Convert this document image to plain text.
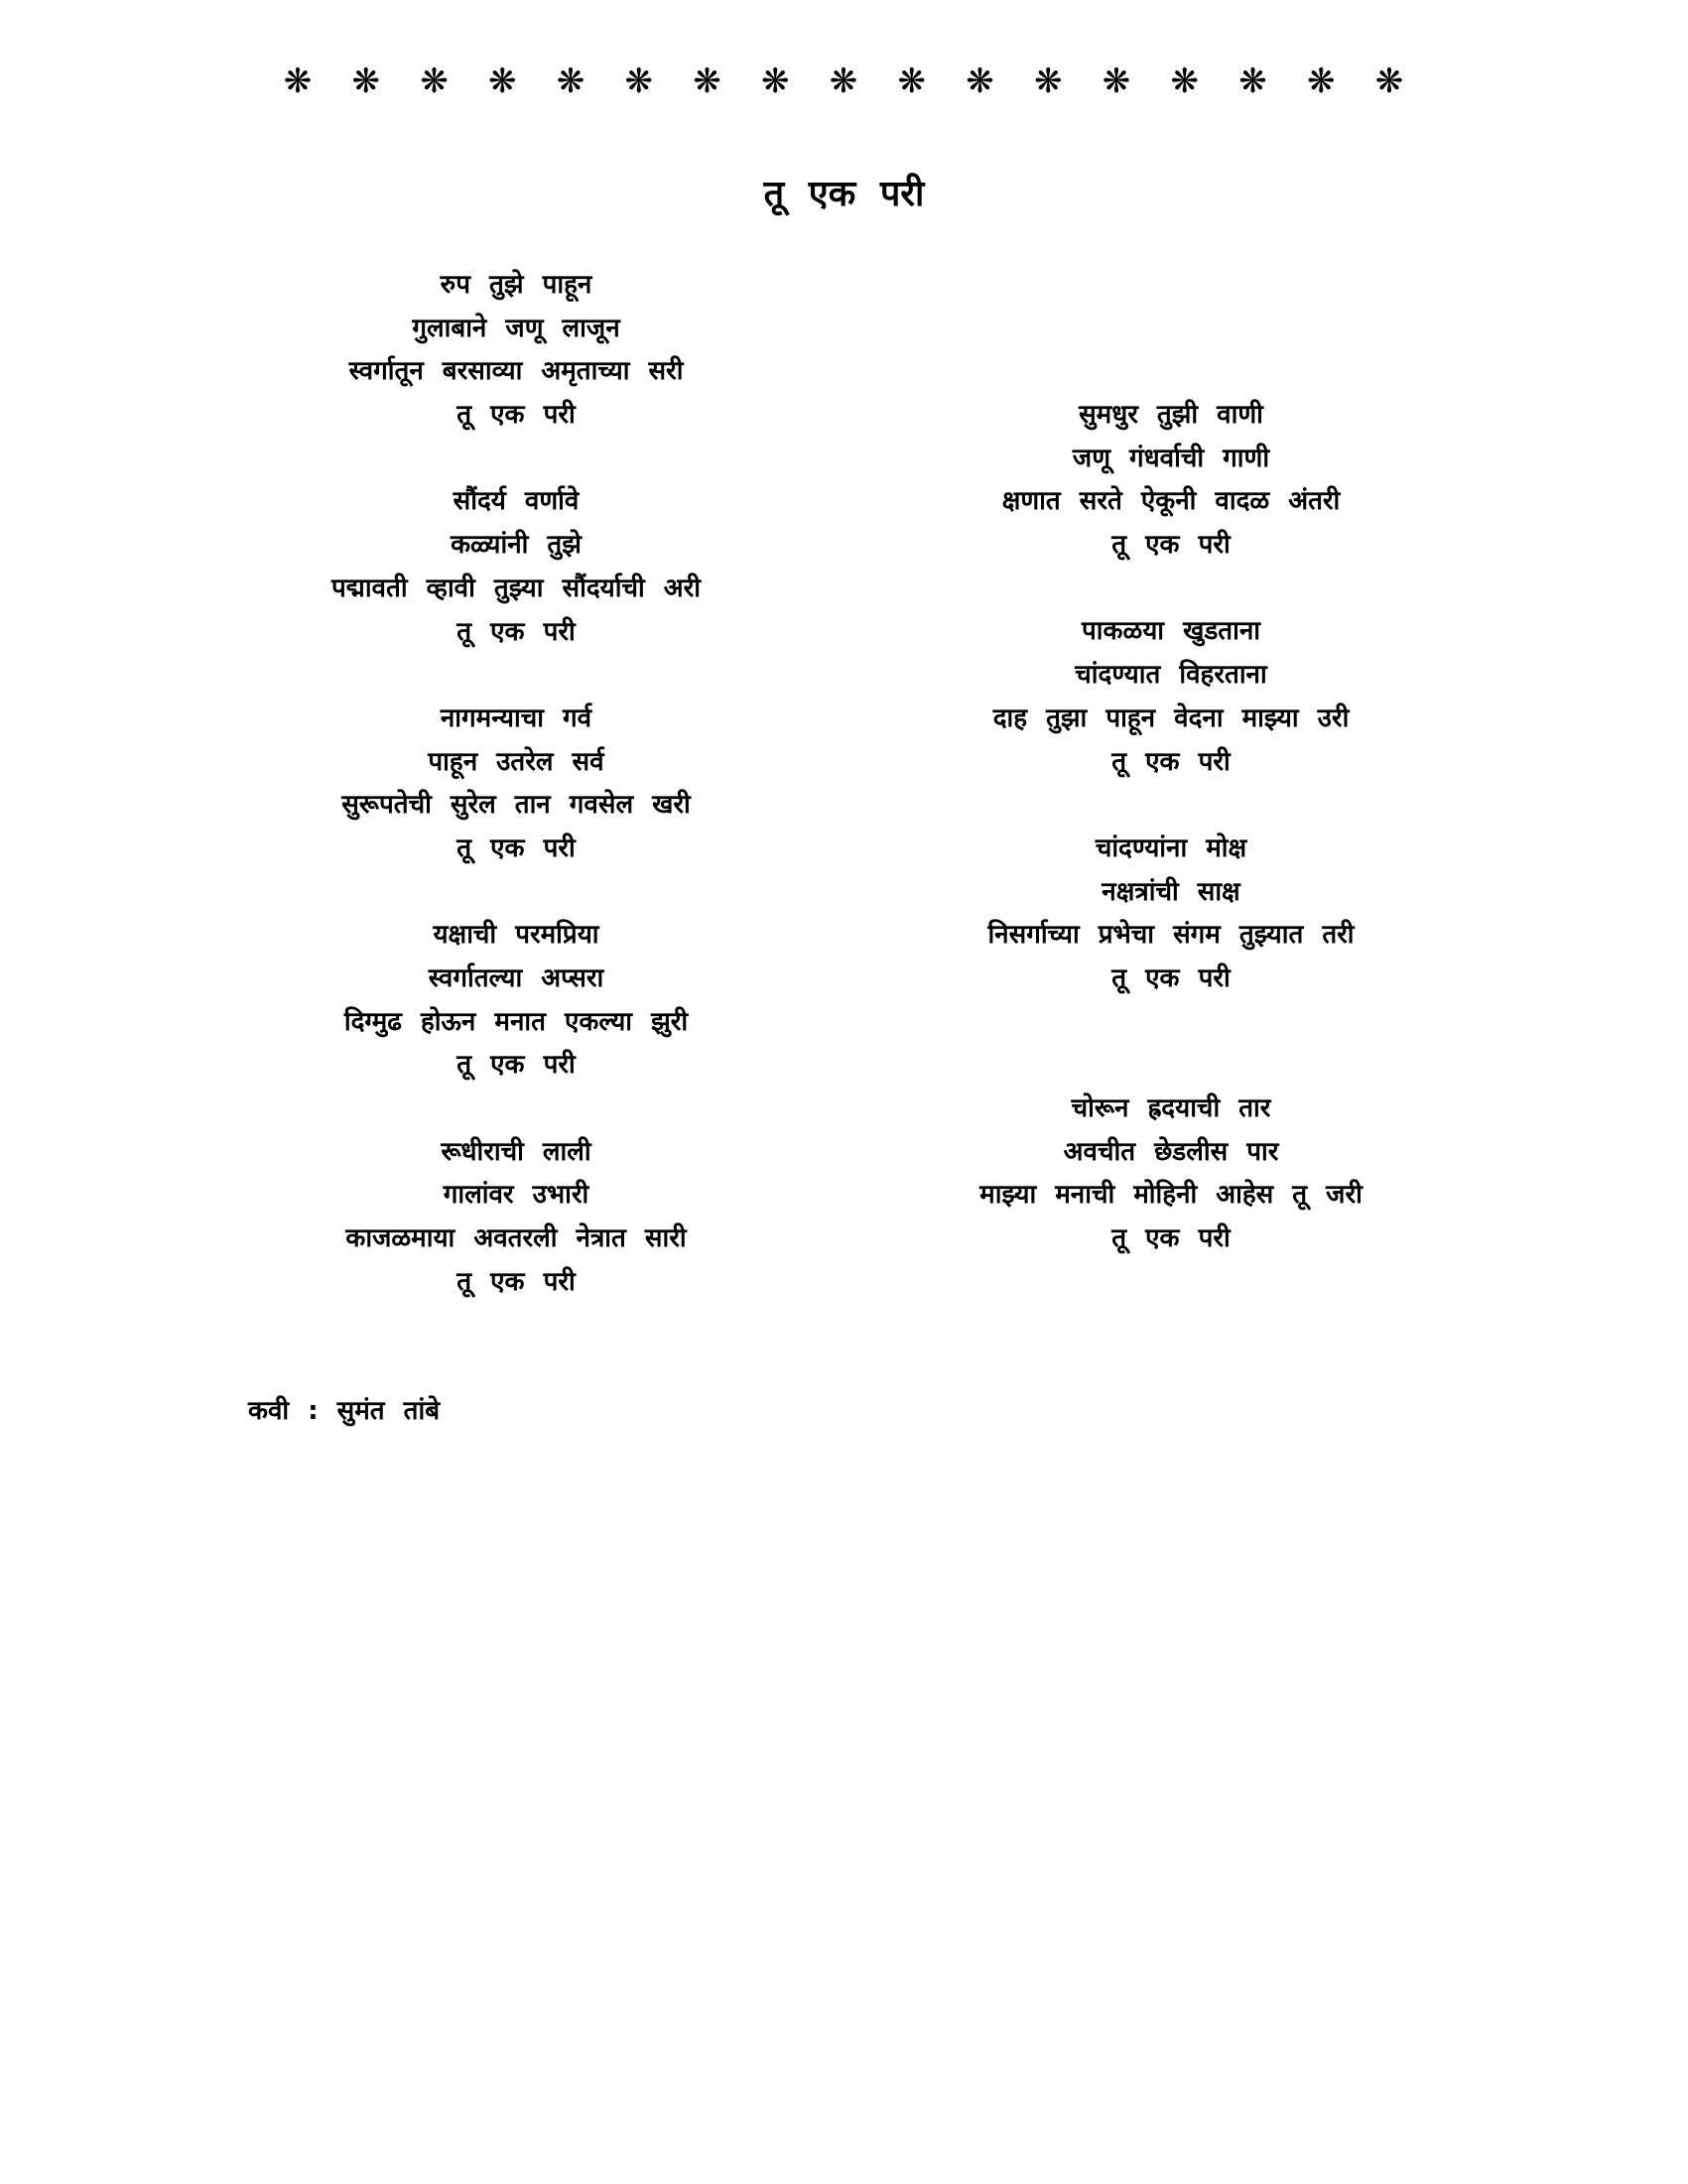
❋ ❋ ❋ ❋ ❋ ❋ ❋ ❋ ❋ ❋ ❋ ❋ ❋ ❋ ❋ ❋ ❋
तू एक परी
रुप तुझे पाहून
गुलाबाने जणू लाजून
स्वर्गातून बरसाव्या अमृताच्या सरी
तू एक परी
सौंदर्य वर्णावे
कळ्यांनी तुझे
पद्मावती व्हावी तुझ्या सौंदर्याची अरी
तू एक परी
नागमन्याचा गर्व
पाहून उतरेल सर्व
सुरूपतेची सुरेल तान गवसेल खरी
तू एक परी
यक्षाची परमप्रिया
स्वर्गातल्या अप्सरा
दिग्मुढ होऊन मनात एकल्या झुरी
तू एक परी
रूधीराची लाली
गालांवर उभारी
काजळमाया अवतरली नेत्रात सारी
तू एक परी
सुमधुर तुझी वाणी
जणू गंधर्वाची गाणी
क्षणात सरते ऐकूनी वादळ अंतरी
तू एक परी
पाकळया खुडताना
चांदण्यात विहरताना
दाह तुझा पाहून वेदना माझ्या उरी
तू एक परी
चांदण्यांना मोक्ष
नक्षत्रांची साक्ष
निसर्गाच्या प्रभेचा संगम तुझ्यात तरी
तू एक परी
चोरून ह्रदयाची तार
अवचीत छेडलीस पार
माझ्या मनाची मोहिनी आहेस तू जरी
तू एक परी
कवी : सुमंत तांबे
